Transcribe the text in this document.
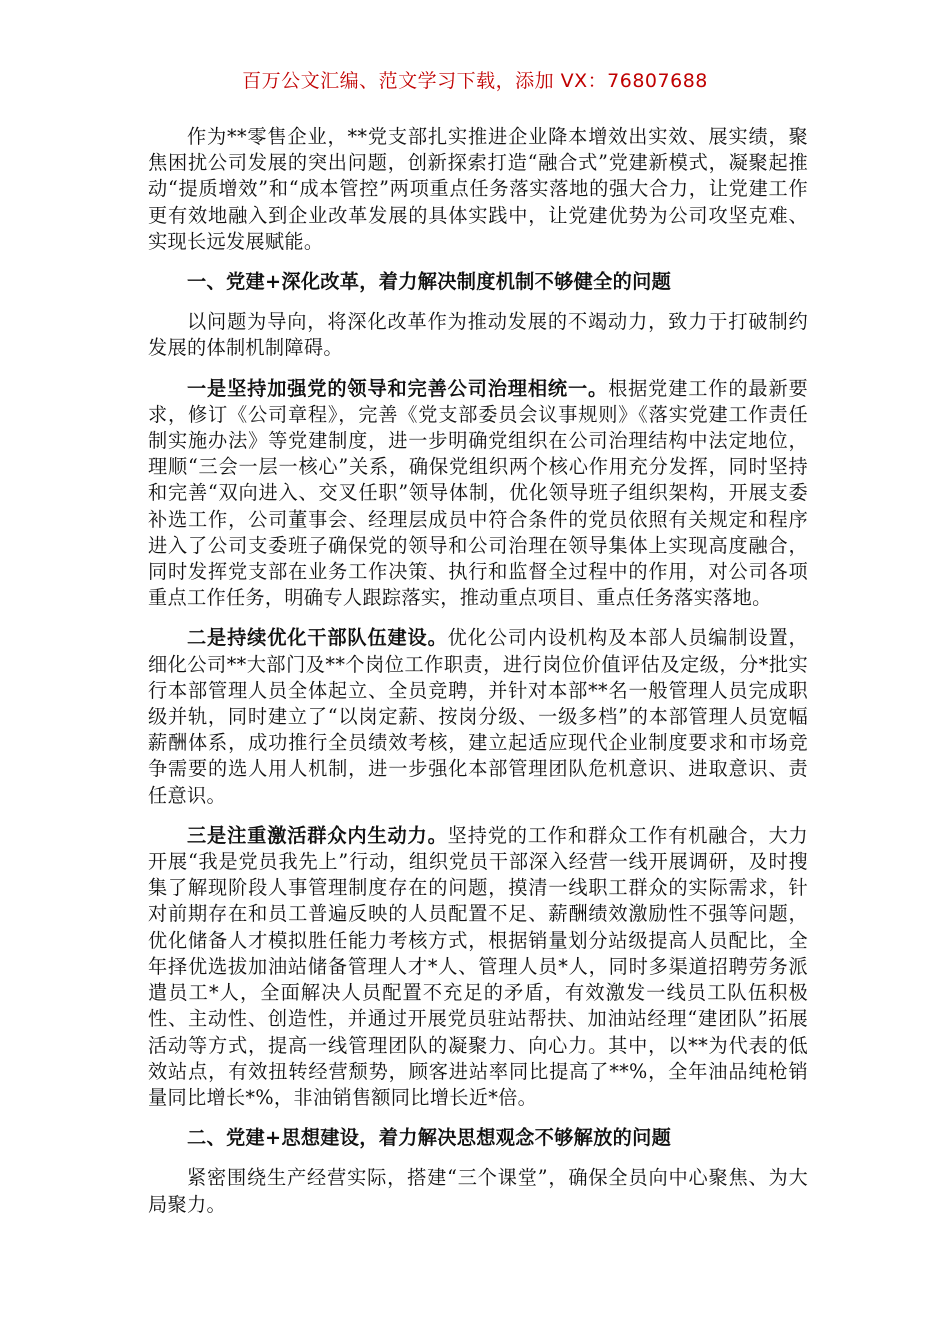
百万公文汇编、范文学习下载，添加 VX：76807688

作为**零售企业，**党支部扎实推进企业降本增效出实效、展实绩，聚焦困扰公司发展的突出问题，创新探索打造“融合式”党建新模式，凝聚起推动“提质增效”和“成本管控”两项重点任务落实落地的强大合力，让党建工作更有效地融入到企业改革发展的具体实践中，让党建优势为公司攻坚克难、实现长远发展赋能。

一、党建+深化改革，着力解决制度机制不够健全的问题

以问题为导向，将深化改革作为推动发展的不竭动力，致力于打破制约发展的体制机制障碍。

一是坚持加强党的领导和完善公司治理相统一。根据党建工作的最新要求，修订《公司章程》，完善《党支部委员会议事规则》《落实党建工作责任制实施办法》等党建制度，进一步明确党组织在公司治理结构中法定地位，理顺“三会一层一核心”关系，确保党组织两个核心作用充分发挥，同时坚持和完善“双向进入、交叉任职”领导体制，优化领导班子组织架构，开展支委补选工作，公司董事会、经理层成员中符合条件的党员依照有关规定和程序进入了公司支委班子确保党的领导和公司治理在领导集体上实现高度融合，同时发挥党支部在业务工作决策、执行和监督全过程中的作用，对公司各项重点工作任务，明确专人跟踪落实，推动重点项目、重点任务落实落地。

二是持续优化干部队伍建设。优化公司内设机构及本部人员编制设置，细化公司**大部门及**个岗位工作职责，进行岗位价值评估及定级，分*批实行本部管理人员全体起立、全员竞聘，并针对本部**名一般管理人员完成职级并轨，同时建立了“以岗定薪、按岗分级、一级多档”的本部管理人员宽幅薪酬体系，成功推行全员绩效考核，建立起适应现代企业制度要求和市场竞争需要的选人用人机制，进一步强化本部管理团队危机意识、进取意识、责任意识。

三是注重激活群众内生动力。坚持党的工作和群众工作有机融合，大力开展“我是党员我先上”行动，组织党员干部深入经营一线开展调研，及时搜集了解现阶段人事管理制度存在的问题，摸清一线职工群众的实际需求，针对前期存在和员工普遍反映的人员配置不足、薪酬绩效激励性不强等问题，优化储备人才模拟胜任能力考核方式，根据销量划分站级提高人员配比，全年择优选拔加油站储备管理人才*人、管理人员*人，同时多渠道招聘劳务派遣员工*人，全面解决人员配置不充足的矛盾，有效激发一线员工队伍积极性、主动性、创造性，并通过开展党员驻站帮扶、加油站经理“建团队”拓展活动等方式，提高一线管理团队的凝聚力、向心力。其中，以**为代表的低效站点，有效扭转经营颓势，顾客进站率同比提高了**%，全年油品纯枪销量同比增长*%，非油销售额同比增长近*倍。

二、党建+思想建设，着力解决思想观念不够解放的问题

紧密围绕生产经营实际，搭建“三个课堂”，确保全员向中心聚焦、为大局聚力。
